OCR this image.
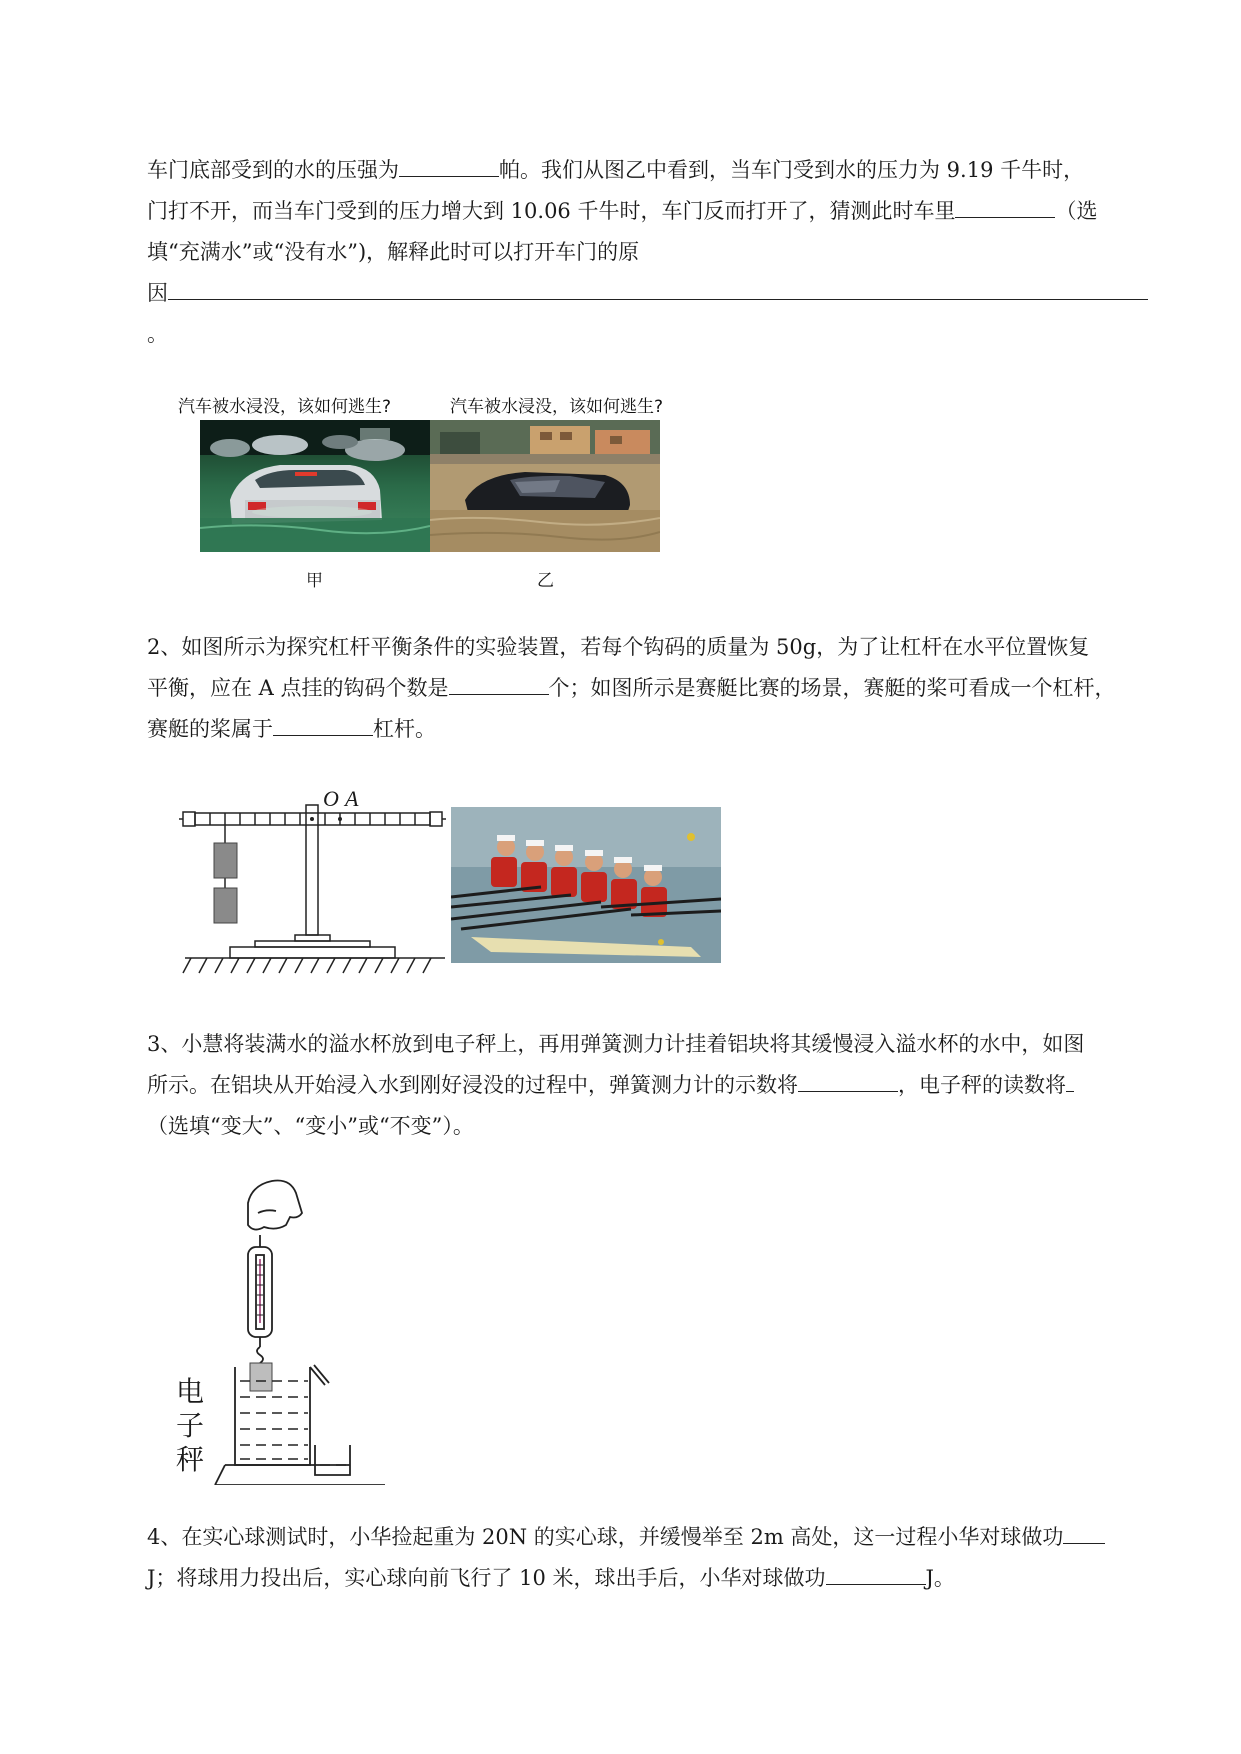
车门底部受到的水的压强为	帕。我们从图乙中看到，当车门受到水的压力为 9.19 千牛时，
门打不开，而当车门受到的压力增大到 10.06 千牛时，车门反而打开了，猜测此时车里	（选
填“充满水”或“没有水”)，解释此时可以打开车门的原
因
。
汽车被水浸没，该如何逃生?	汽车被水浸没，该如何逃生?
甲	乙
2、如图所示为探究杠杆平衡条件的实验装置，若每个钩码的质量为 50g，为了让杠杆在水平位置恢复
平衡，应在 A 点挂的钩码个数是	个；如图所示是赛艇比赛的场景，赛艇的桨可看成一个杠杆，
赛艇的桨属于	杠杆。
O A
3、小慧将装满水的溢水杯放到电子秤上，再用弹簧测力计挂着铝块将其缓慢浸入溢水杯的水中，如图
所示。在铝块从开始浸入水到刚好浸没的过程中，弹簧测力计的示数将	，电子秤的读数将
（选填“变大”、“变小”或“不变”）。
电
子
秤
4、在实心球测试时，小华捡起重为 20N 的实心球，并缓慢举至 2m 高处，这一过程小华对球做功
J；将球用力投出后，实心球向前飞行了 10 米，球出手后，小华对球做功	J。
